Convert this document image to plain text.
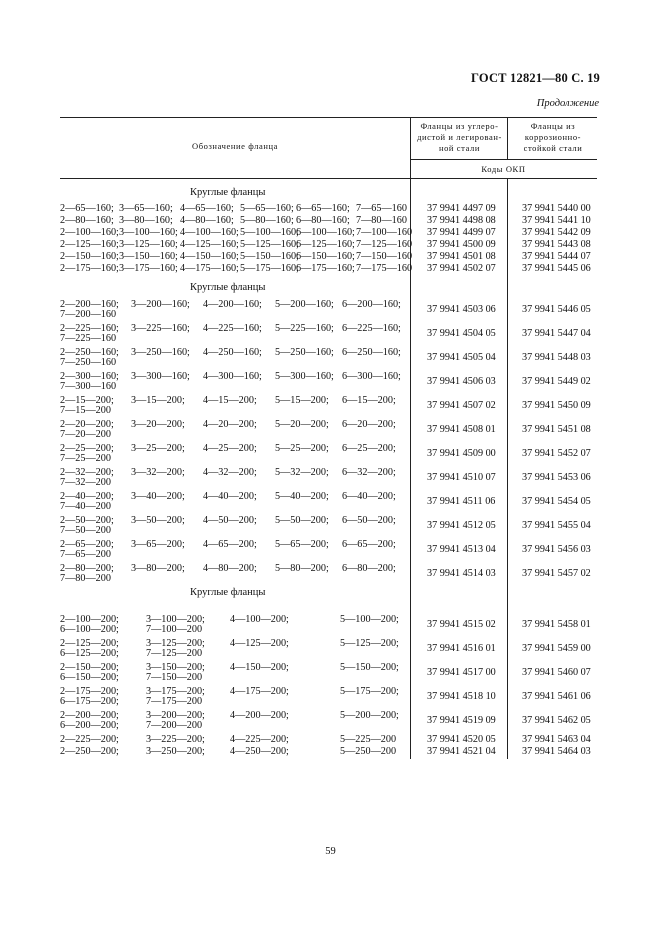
ГОСТ 12821—80 С. 19
Продолжение
Обозначение фланца
Фланцы из углеро-дистой и легирован-ной стали
Фланцы из коррозионно-стойкой стали
Коды ОКП
Круглые фланцы
2—65—160; 3—65—160; 4—65—160; 5—65—160; 6—65—160; 7—65—160 37 9941 4497 09	37 9941 5440 00
2—80—160; 3—80—160; 4—80—160; 5—80—160; 6—80—160; 7—80—160 37 9941 4498 08	37 9941 5441 10
2—100—160; 3—100—160; 4—100—160; 5—100—160;
6—100—160; 7—100—160 37 9941 4499 07	37 9941 5442 09
2—125—160; 3—125—160; 4—125—160; 5—125—160;
6—125—160; 7—125—160 37 9941 4500 09	37 9941 5443 08
2—150—160; 3—150—160; 4—150—160; 5—150—160;
6—150—160; 7—150—160 37 9941 4501 08	37 9941 5444 07
2—175—160; 3—175—160; 4—175—160; 5—175—160;
6—175—160; 7—175—160 37 9941 4502 07	37 9941 5445 06
Круглые фланцы
2—200—160; 3—200—160; 4—200—160; 5—200—160; 6—200—160;
7—200—160	37 9941 4503 06	37 9941 5446 05
2—225—160; 3—225—160; 4—225—160; 5—225—160; 6—225—160;
7—225—160	37 9941 4504 05	37 9941 5447 04
2—250—160; 3—250—160; 4—250—160; 5—250—160; 6—250—160;
7—250—160	37 9941 4505 04	37 9941 5448 03
2—300—160; 3—300—160; 4—300—160; 5—300—160; 6—300—160;
7—300—160	37 9941 4506 03	37 9941 5449 02
2—15—200; 3—15—200; 4—15—200; 5—15—200; 6—15—200;
7—15—200	37 9941 4507 02	37 9941 5450 09
2—20—200; 3—20—200; 4—20—200; 5—20—200; 6—20—200;
7—20—200	37 9941 4508 01	37 9941 5451 08
2—25—200; 3—25—200; 4—25—200; 5—25—200; 6—25—200;
7—25—200	37 9941 4509 00	37 9941 5452 07
2—32—200; 3—32—200; 4—32—200; 5—32—200; 6—32—200;
7—32—200	37 9941 4510 07	37 9941 5453 06
2—40—200; 3—40—200; 4—40—200; 5—40—200; 6—40—200;
7—40—200	37 9941 4511 06	37 9941 5454 05
2—50—200; 3—50—200; 4—50—200; 5—50—200; 6—50—200;
7—50—200	37 9941 4512 05	37 9941 5455 04
2—65—200; 3—65—200; 4—65—200; 5—65—200; 6—65—200;
7—65—200	37 9941 4513 04	37 9941 5456 03
2—80—200; 3—80—200; 4—80—200; 5—80—200; 6—80—200;
7—80—200	37 9941 4514 03	37 9941 5457 02
Круглые фланцы
2—100—200;	3—100—200; 4—100—200;	5—100—200;
6—100—200;	7—100—200	37 9941 4515 02	37 9941 5458 01
2—125—200;	3—125—200; 4—125—200;	5—125—200;
6—125—200;	7—125—200	37 9941 4516 01	37 9941 5459 00
2—150—200;	3—150—200; 4—150—200;	5—150—200;
6—150—200;	7—150—200	37 9941 4517 00	37 9941 5460 07
2—175—200;	3—175—200; 4—175—200;	5—175—200;
6—175—200;	7—175—200	37 9941 4518 10	37 9941 5461 06
2—200—200;	3—200—200; 4—200—200;	5—200—200;
6—200—200;	7—200—200	37 9941 4519 09	37 9941 5462 05
2—225—200;	3—225—200; 4—225—200;	5—225—200	37 9941 4520 05	37 9941 5463 04
2—250—200;	3—250—200; 4—250—200;	5—250—200	37 9941 4521 04	37 9941 5464 03
59
